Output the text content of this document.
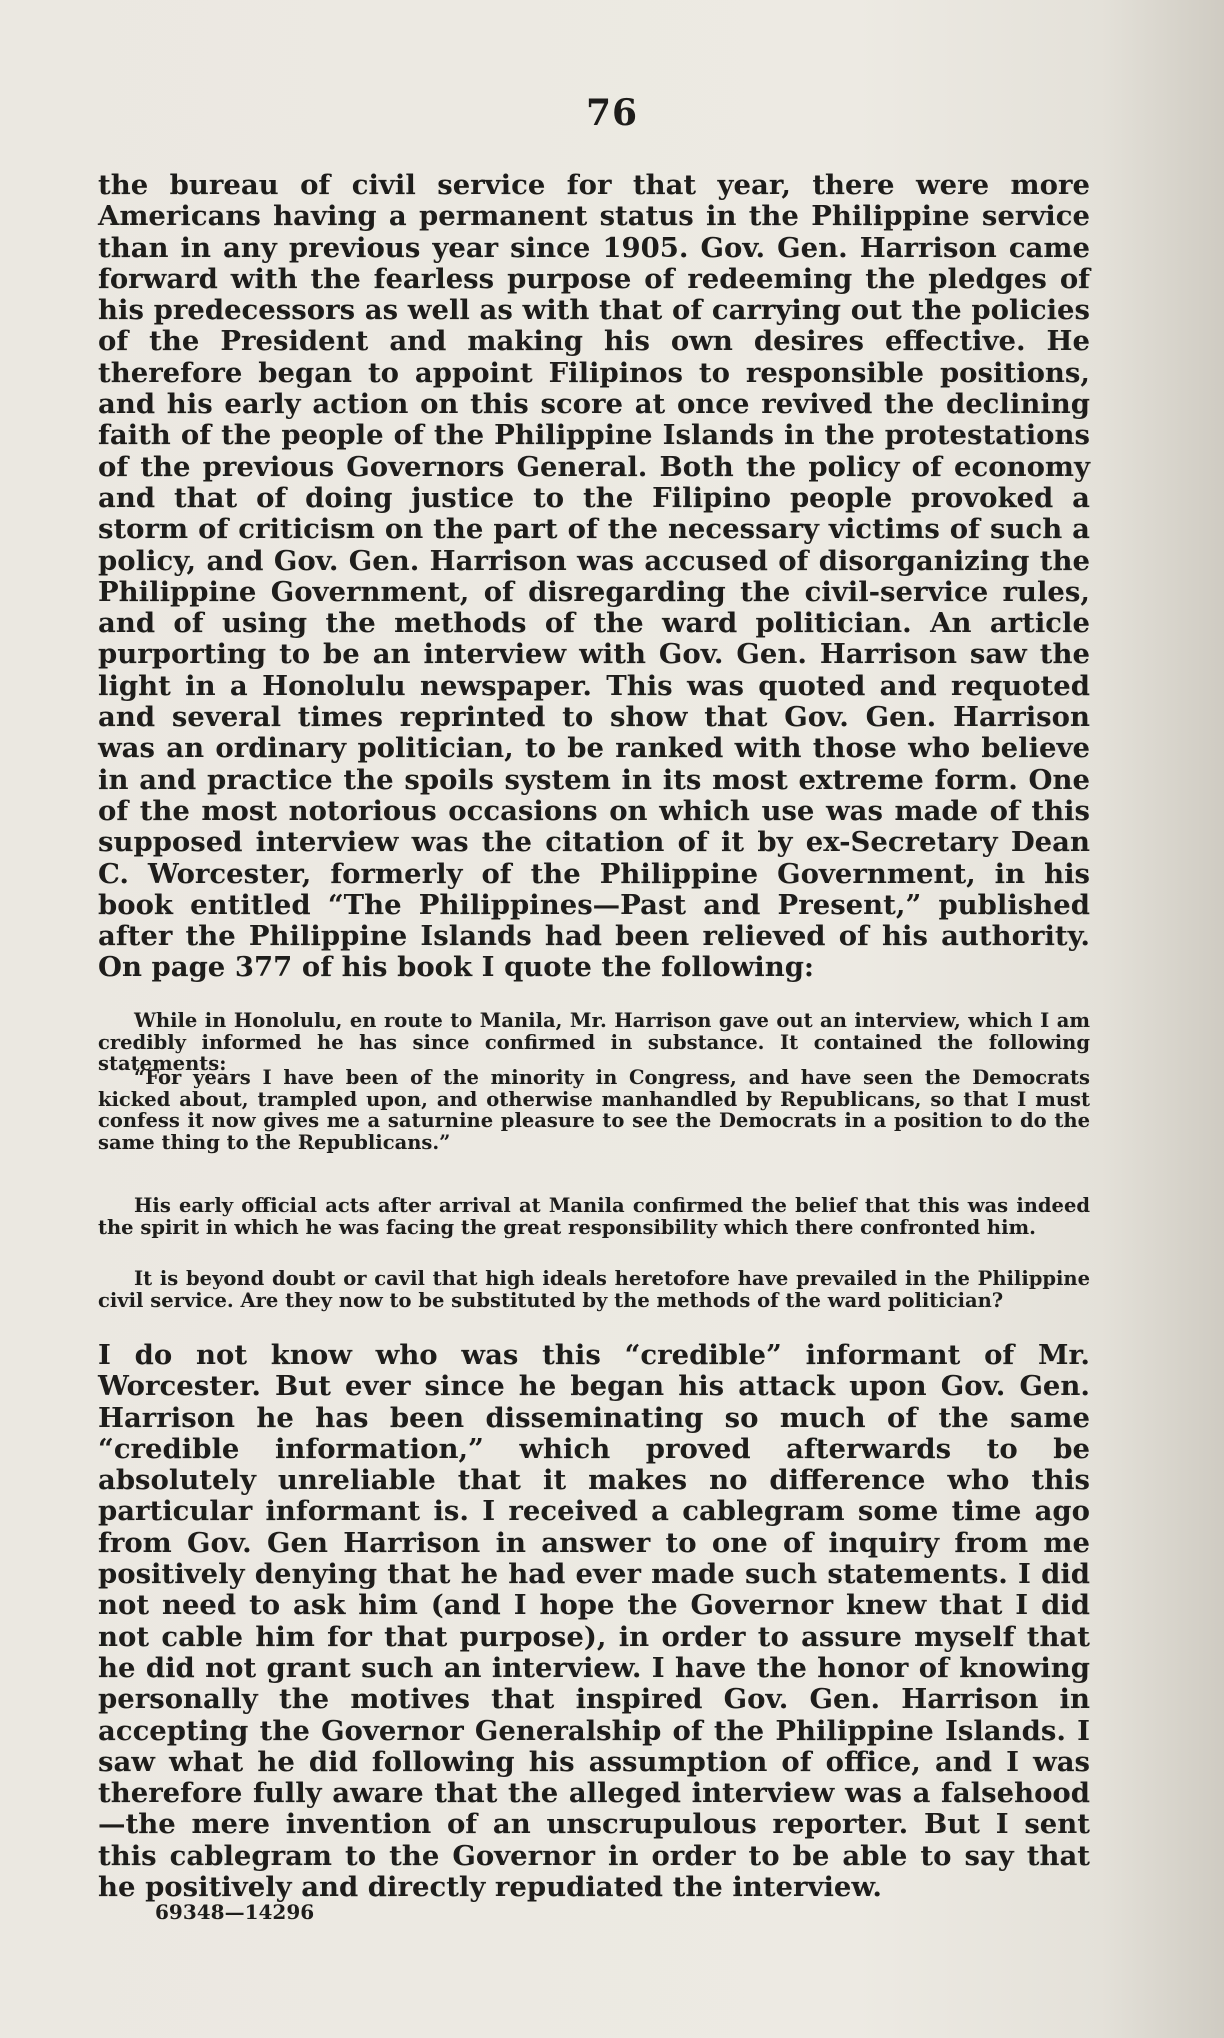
76

the bureau of civil service for that year, there were more Americans having a permanent status in the Philippine service than in any previous year since 1905. Gov. Gen. Harrison came forward with the fearless purpose of redeeming the pledges of his predecessors as well as with that of carrying out the policies of the President and making his own desires effective. He therefore began to appoint Filipinos to responsible positions, and his early action on this score at once revived the declining faith of the people of the Philippine Islands in the protestations of the previous Governors General. Both the policy of economy and that of doing justice to the Filipino people provoked a storm of criticism on the part of the necessary victims of such a policy, and Gov. Gen. Harrison was accused of disorganizing the Philippine Government, of disregarding the civil-service rules, and of using the methods of the ward politician. An article purporting to be an interview with Gov. Gen. Harrison saw the light in a Honolulu newspaper. This was quoted and requoted and several times reprinted to show that Gov. Gen. Harrison was an ordinary politician, to be ranked with those who believe in and practice the spoils system in its most extreme form. One of the most notorious occasions on which use was made of this supposed interview was the citation of it by ex-Secretary Dean C. Worcester, formerly of the Philippine Government, in his book entitled “The Philippines—Past and Present,” published after the Philippine Islands had been relieved of his authority. On page 377 of his book I quote the following:

While in Honolulu, en route to Manila, Mr. Harrison gave out an interview, which I am credibly informed he has since confirmed in substance. It contained the following statements:

“For years I have been of the minority in Congress, and have seen the Democrats kicked about, trampled upon, and otherwise manhandled by Republicans, so that I must confess it now gives me a saturnine pleasure to see the Democrats in a position to do the same thing to the Republicans.”

His early official acts after arrival at Manila confirmed the belief that this was indeed the spirit in which he was facing the great responsibility which there confronted him.

It is beyond doubt or cavil that high ideals heretofore have prevailed in the Philippine civil service. Are they now to be substituted by the methods of the ward politician?

I do not know who was this “credible” informant of Mr. Worcester. But ever since he began his attack upon Gov. Gen. Harrison he has been disseminating so much of the same “credible information,” which proved afterwards to be absolutely unreliable that it makes no difference who this particular informant is. I received a cablegram some time ago from Gov. Gen Harrison in answer to one of inquiry from me positively denying that he had ever made such statements. I did not need to ask him (and I hope the Governor knew that I did not cable him for that purpose), in order to assure myself that he did not grant such an interview. I have the honor of knowing personally the motives that inspired Gov. Gen. Harrison in accepting the Governor Generalship of the Philippine Islands. I saw what he did following his assumption of office, and I was therefore fully aware that the alleged interview was a falsehood—the mere invention of an unscrupulous reporter. But I sent this cablegram to the Governor in order to be able to say that he positively and directly repudiated the interview.

69348—14296
